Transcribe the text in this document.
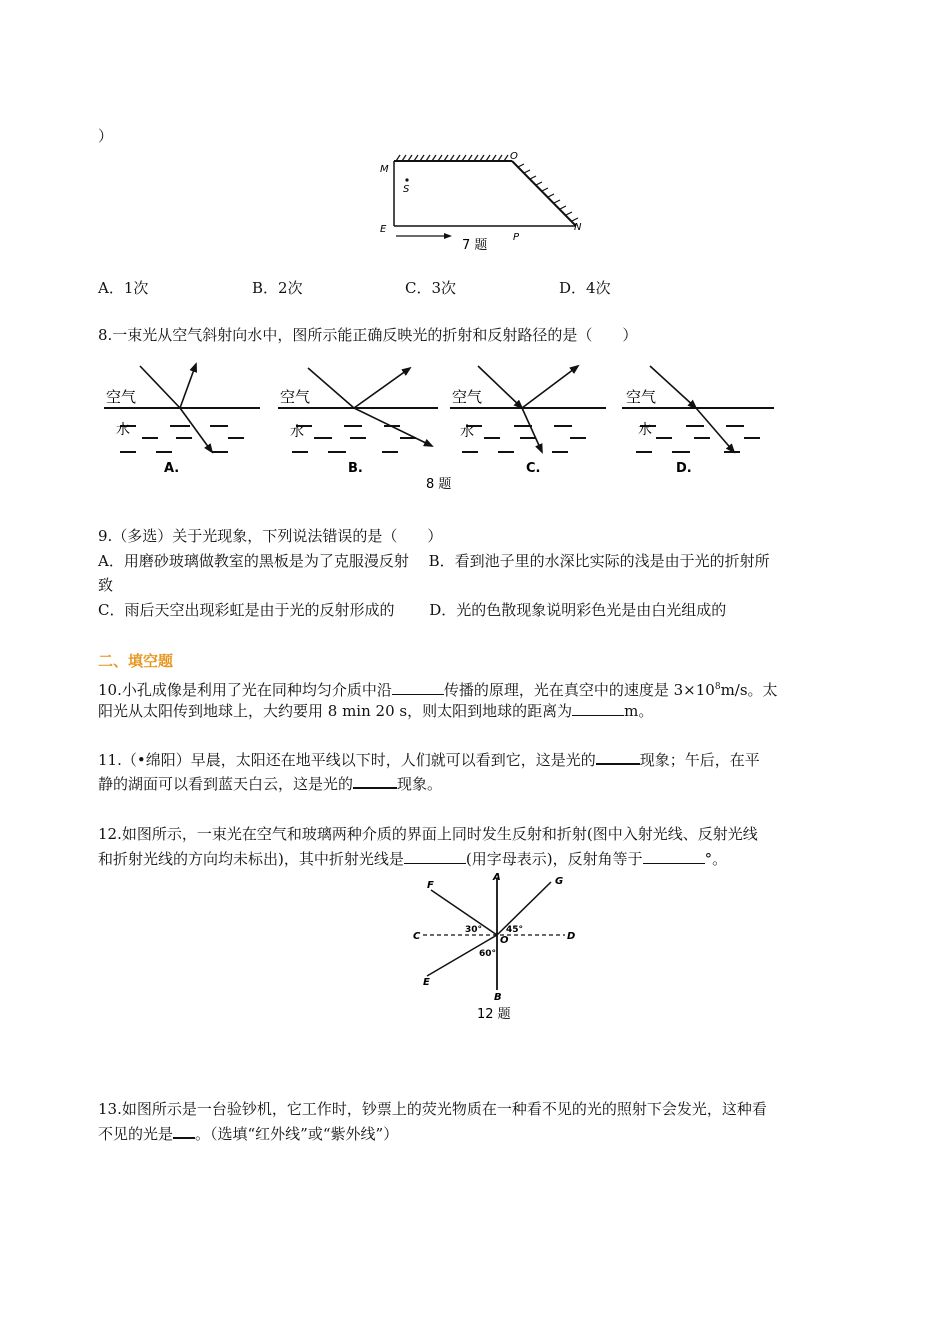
）
M
O
S
E
P
N
7 题
A．1次	B．2次	C．3次	D．4次
8.一束光从空气斜射向水中，图所示能正确反映光的折射和反射路径的是（　　）
空气	空气	空气	空气
水	水	水	水
A.	B.	C.	D.
8 题
9.（多选）关于光现象，下列说法错误的是（　　）
A．用磨砂玻璃做教室的黑板是为了克服漫反射　 B．看到池子里的水深比实际的浅是由于光的折射所
致
C．雨后天空出现彩虹是由于光的反射形成的　　 D．光的色散现象说明彩色光是由白光组成的
二、填空题
10.小孔成像是利用了光在同种均匀介质中沿	传播的原理，光在真空中的速度是 $3\times 10^8m/s$。太
阳光从太阳传到地球上，大约要用 8 min 20 s，则太阳到地球的距离为	m。
11.（•绵阳）早晨，太阳还在地平线以下时，人们就可以看到它，这是光的	现象；午后，在平
静的湖面可以看到蓝天白云，这是光的	现象。
12.如图所示，一束光在空气和玻璃两种介质的界面上同时发生反射和折射(图中入射光线、反射光线
和折射光线的方向均未标出)，其中折射光线是	(用字母表示)，反射角等于	°。
F
A	G
C	D
O
E
B
30°	45°
60°
12 题
13.如图所示是一台验钞机，它工作时，钞票上的荧光物质在一种看不见的光的照射下会发光，这种看
不见的光是 。（选填“红外线”或“紫外线”）
